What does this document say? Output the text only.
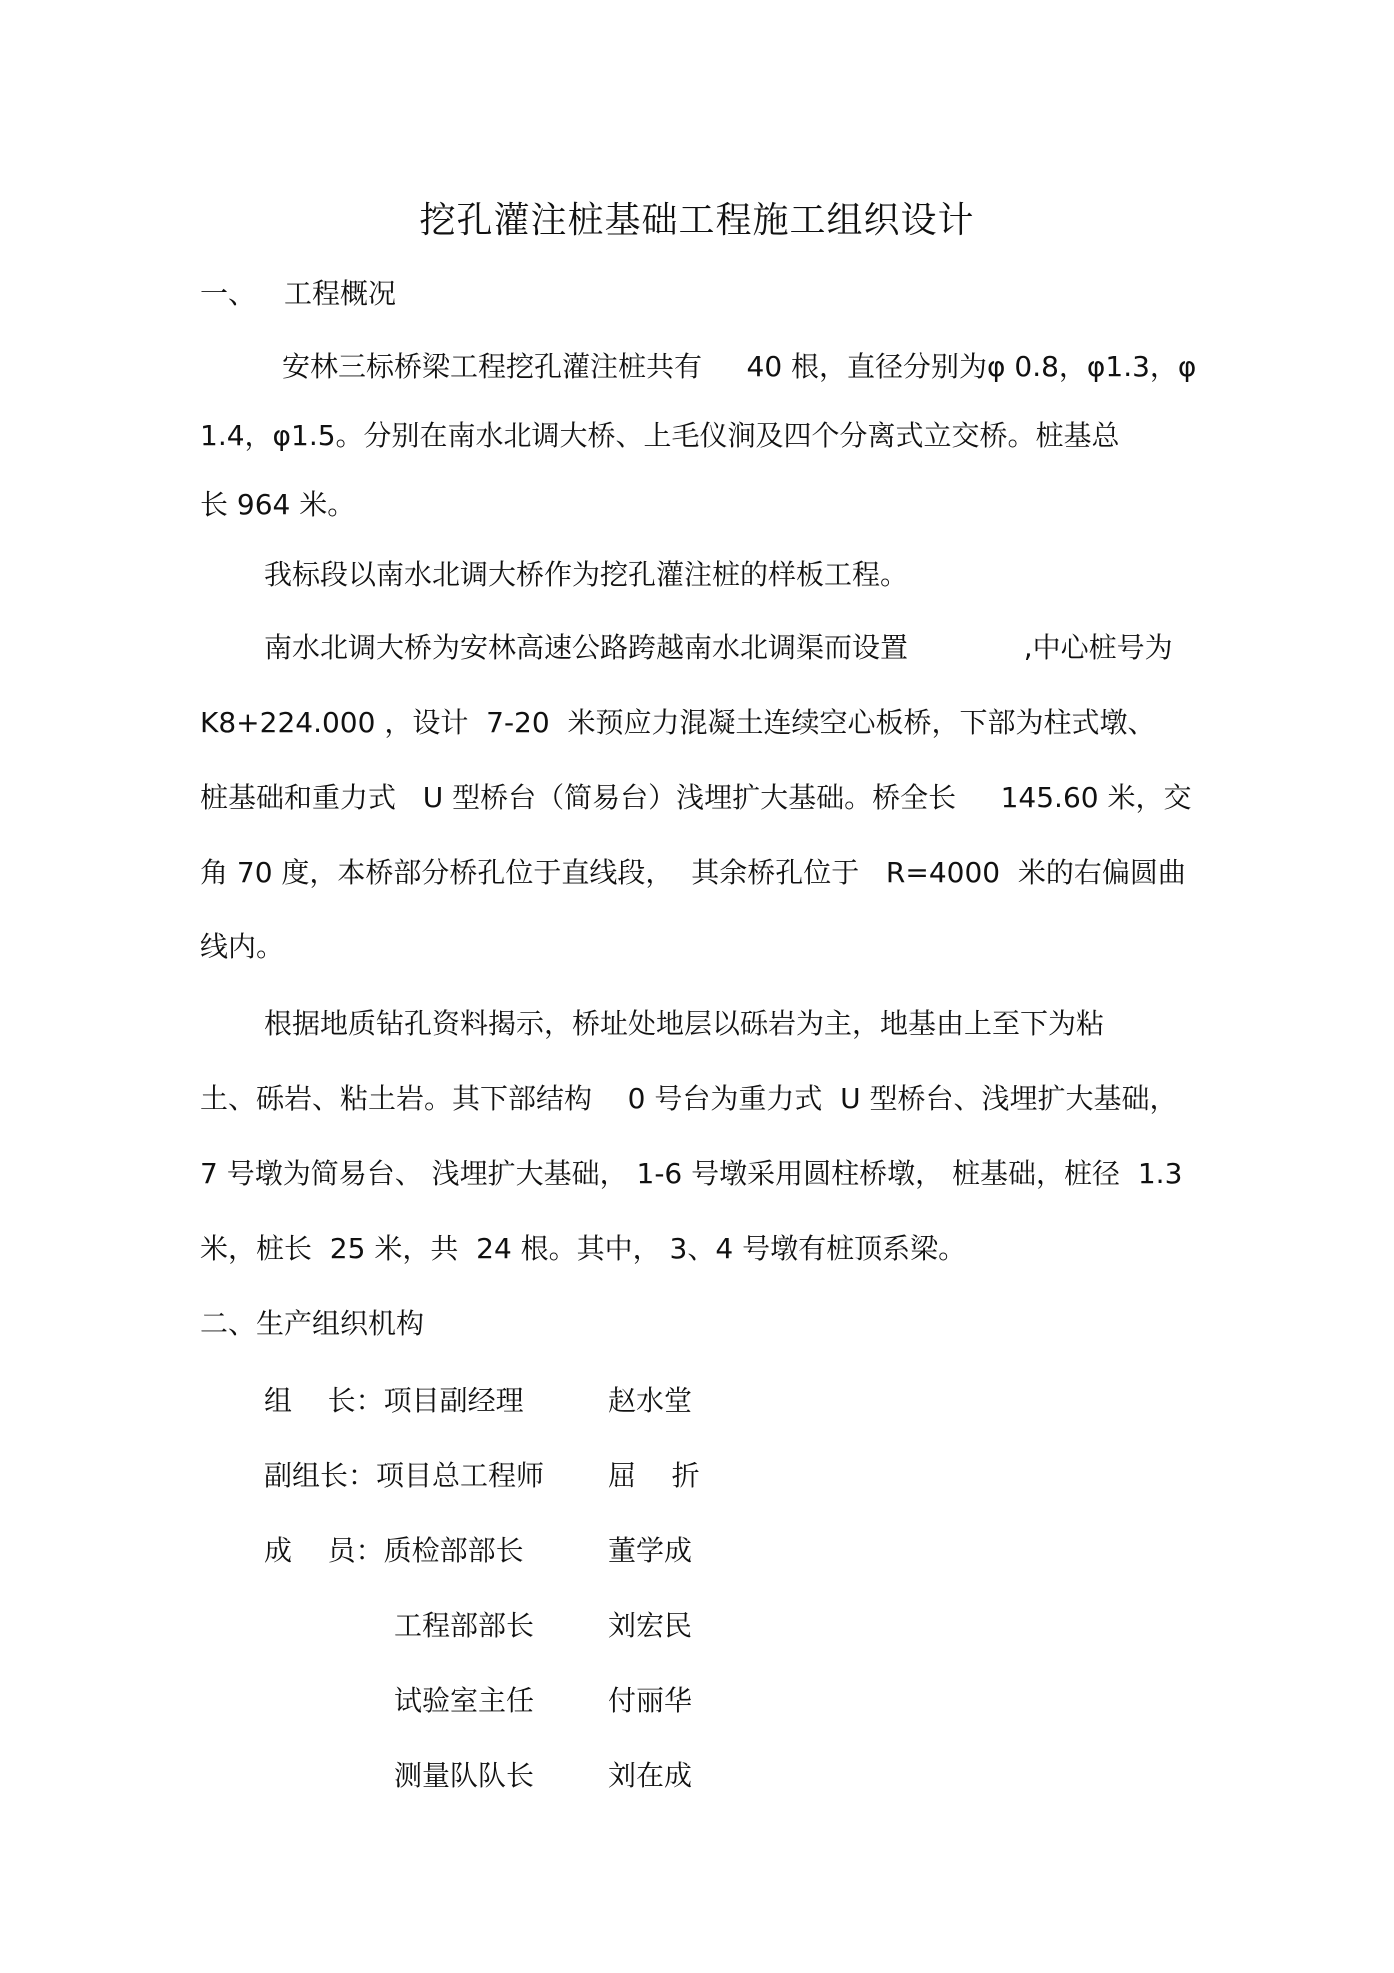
挖孔灌注桩基础工程施工组织设计
一、 工程概况
安林三标桥梁工程挖孔灌注桩共有     40 根，直径分别为φ 0.8，φ1.3，φ
1.4，φ1.5。分别在南水北调大桥、上毛仪涧及四个分离式立交桥。桩基总
长 964 米。
我标段以南水北调大桥作为挖孔灌注桩的样板工程。
南水北调大桥为安林高速公路跨越南水北调渠而设置             ,中心桩号为
K8+224.000 ，设计  7-20  米预应力混凝土连续空心板桥，下部为柱式墩、
桩基础和重力式   U 型桥台（简易台）浅埋扩大基础。桥全长     145.60 米，交
角 70 度，本桥部分桥孔位于直线段，  其余桥孔位于   R=4000  米的右偏圆曲
线内。
根据地质钻孔资料揭示，桥址处地层以砾岩为主，地基由上至下为粘
土、砾岩、粘土岩。其下部结构    0 号台为重力式  U 型桥台、浅埋扩大基础，
7 号墩为简易台、 浅埋扩大基础， 1-6 号墩采用圆柱桥墩， 桩基础，桩径  1.3
米，桩长  25 米，共  24 根。其中， 3、4 号墩有桩顶系梁。
二、生产组织机构
组    长：项目副经理	赵水堂
副组长：项目总工程师 屈    折
成    员：质检部部长	董学成
工程部部长	刘宏民
试验室主任	付丽华
测量队队长	刘在成
